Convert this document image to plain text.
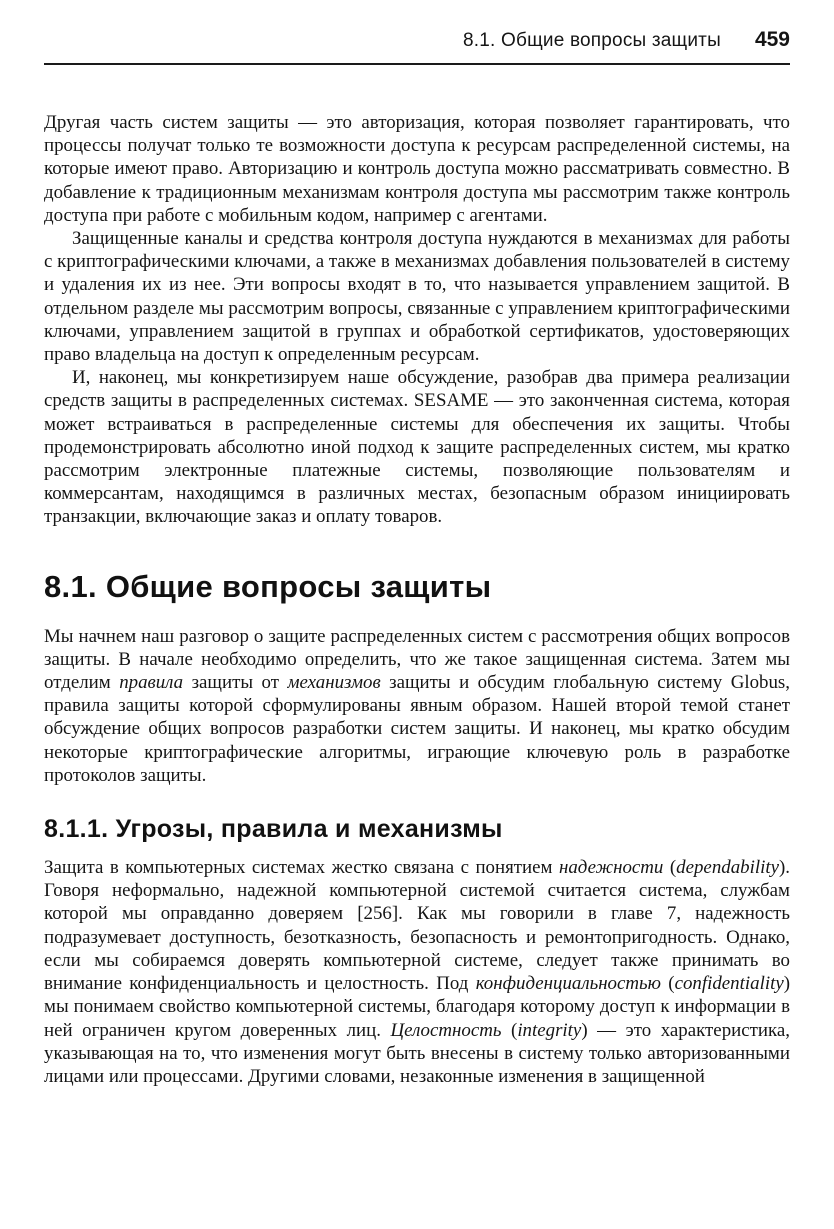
8.1. Общие вопросы защиты 459

Другая часть систем защиты — это авторизация, которая позволяет гарантировать, что процессы получат только те возможности доступа к ресурсам распределенной системы, на которые имеют право. Авторизацию и контроль доступа можно рассматривать совместно. В добавление к традиционным механизмам контроля доступа мы рассмотрим также контроль доступа при работе с мобильным кодом, например с агентами.

Защищенные каналы и средства контроля доступа нуждаются в механизмах для работы с криптографическими ключами, а также в механизмах добавления пользователей в систему и удаления их из нее. Эти вопросы входят в то, что называется управлением защитой. В отдельном разделе мы рассмотрим вопросы, связанные с управлением криптографическими ключами, управлением защитой в группах и обработкой сертификатов, удостоверяющих право владельца на доступ к определенным ресурсам.

И, наконец, мы конкретизируем наше обсуждение, разобрав два примера реализации средств защиты в распределенных системах. SESAME — это законченная система, которая может встраиваться в распределенные системы для обеспечения их защиты. Чтобы продемонстрировать абсолютно иной подход к защите распределенных систем, мы кратко рассмотрим электронные платежные системы, позволяющие пользователям и коммерсантам, находящимся в различных местах, безопасным образом инициировать транзакции, включающие заказ и оплату товаров.

8.1. Общие вопросы защиты

Мы начнем наш разговор о защите распределенных систем с рассмотрения общих вопросов защиты. В начале необходимо определить, что же такое защищенная система. Затем мы отделим правила защиты от механизмов защиты и обсудим глобальную систему Globus, правила защиты которой сформулированы явным образом. Нашей второй темой станет обсуждение общих вопросов разработки систем защиты. И наконец, мы кратко обсудим некоторые криптографические алгоритмы, играющие ключевую роль в разработке протоколов защиты.

8.1.1. Угрозы, правила и механизмы

Защита в компьютерных системах жестко связана с понятием надежности (dependability). Говоря неформально, надежной компьютерной системой считается система, службам которой мы оправданно доверяем [256]. Как мы говорили в главе 7, надежность подразумевает доступность, безотказность, безопасность и ремонтопригодность. Однако, если мы собираемся доверять компьютерной системе, следует также принимать во внимание конфиденциальность и целостность. Под конфиденциальностью (confidentiality) мы понимаем свойство компьютерной системы, благодаря которому доступ к информации в ней ограничен кругом доверенных лиц. Целостность (integrity) — это характеристика, указывающая на то, что изменения могут быть внесены в систему только авторизованными лицами или процессами. Другими словами, незаконные изменения в защищенной
